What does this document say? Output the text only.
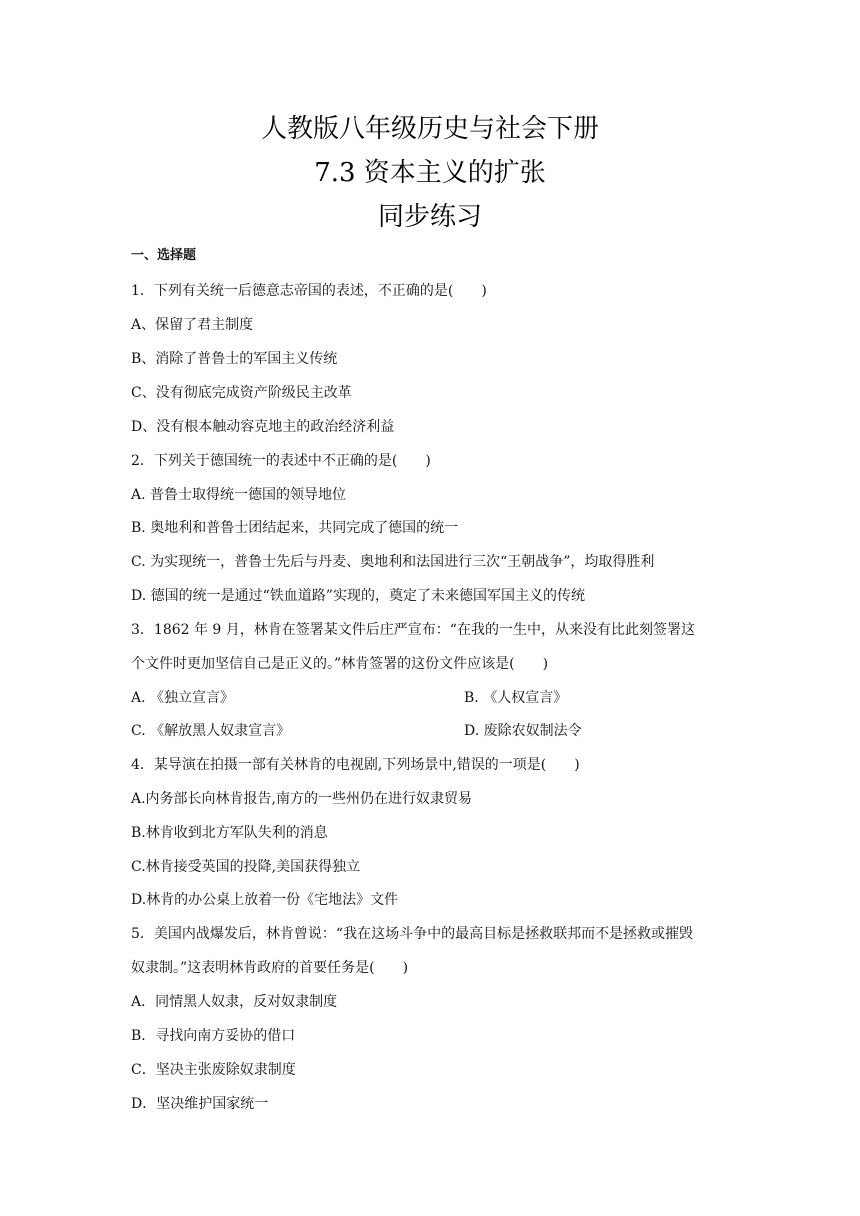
人教版八年级历史与社会下册
7.3 资本主义的扩张
同步练习
一、选择题
1．下列有关统一后德意志帝国的表述，不正确的是(　　)
A、保留了君主制度
B、消除了普鲁士的军国主义传统
C、没有彻底完成资产阶级民主改革
D、没有根本触动容克地主的政治经济利益
2．下列关于德国统一的表述中不正确的是(　　)
A. 普鲁士取得统一德国的领导地位
B. 奥地利和普鲁士团结起来，共同完成了德国的统一
C. 为实现统一，普鲁士先后与丹麦、奥地利和法国进行三次“王朝战争”，均取得胜利
D. 德国的统一是通过“铁血道路”实现的，奠定了未来德国军国主义的传统
3．1862 年 9 月，林肯在签署某文件后庄严宣布：“在我的一生中，从来没有比此刻签署这
个文件时更加坚信自己是正义的。”林肯签署的这份文件应该是(　　)
A. 《独立宣言》	B. 《人权宣言》
C. 《解放黑人奴隶宣言》	D. 废除农奴制法令
4．某导演在拍摄一部有关林肯的电视剧,下列场景中,错误的一项是(　　)
A.内务部长向林肯报告,南方的一些州仍在进行奴隶贸易
B.林肯收到北方军队失利的消息
C.林肯接受英国的投降,美国获得独立
D.林肯的办公桌上放着一份《宅地法》文件
5．美国内战爆发后，林肯曾说：“我在这场斗争中的最高目标是拯救联邦而不是拯救或摧毁
奴隶制。”这表明林肯政府的首要任务是(　　)
A．同情黑人奴隶，反对奴隶制度
B．寻找向南方妥协的借口
C．坚决主张废除奴隶制度
D．坚决维护国家统一
